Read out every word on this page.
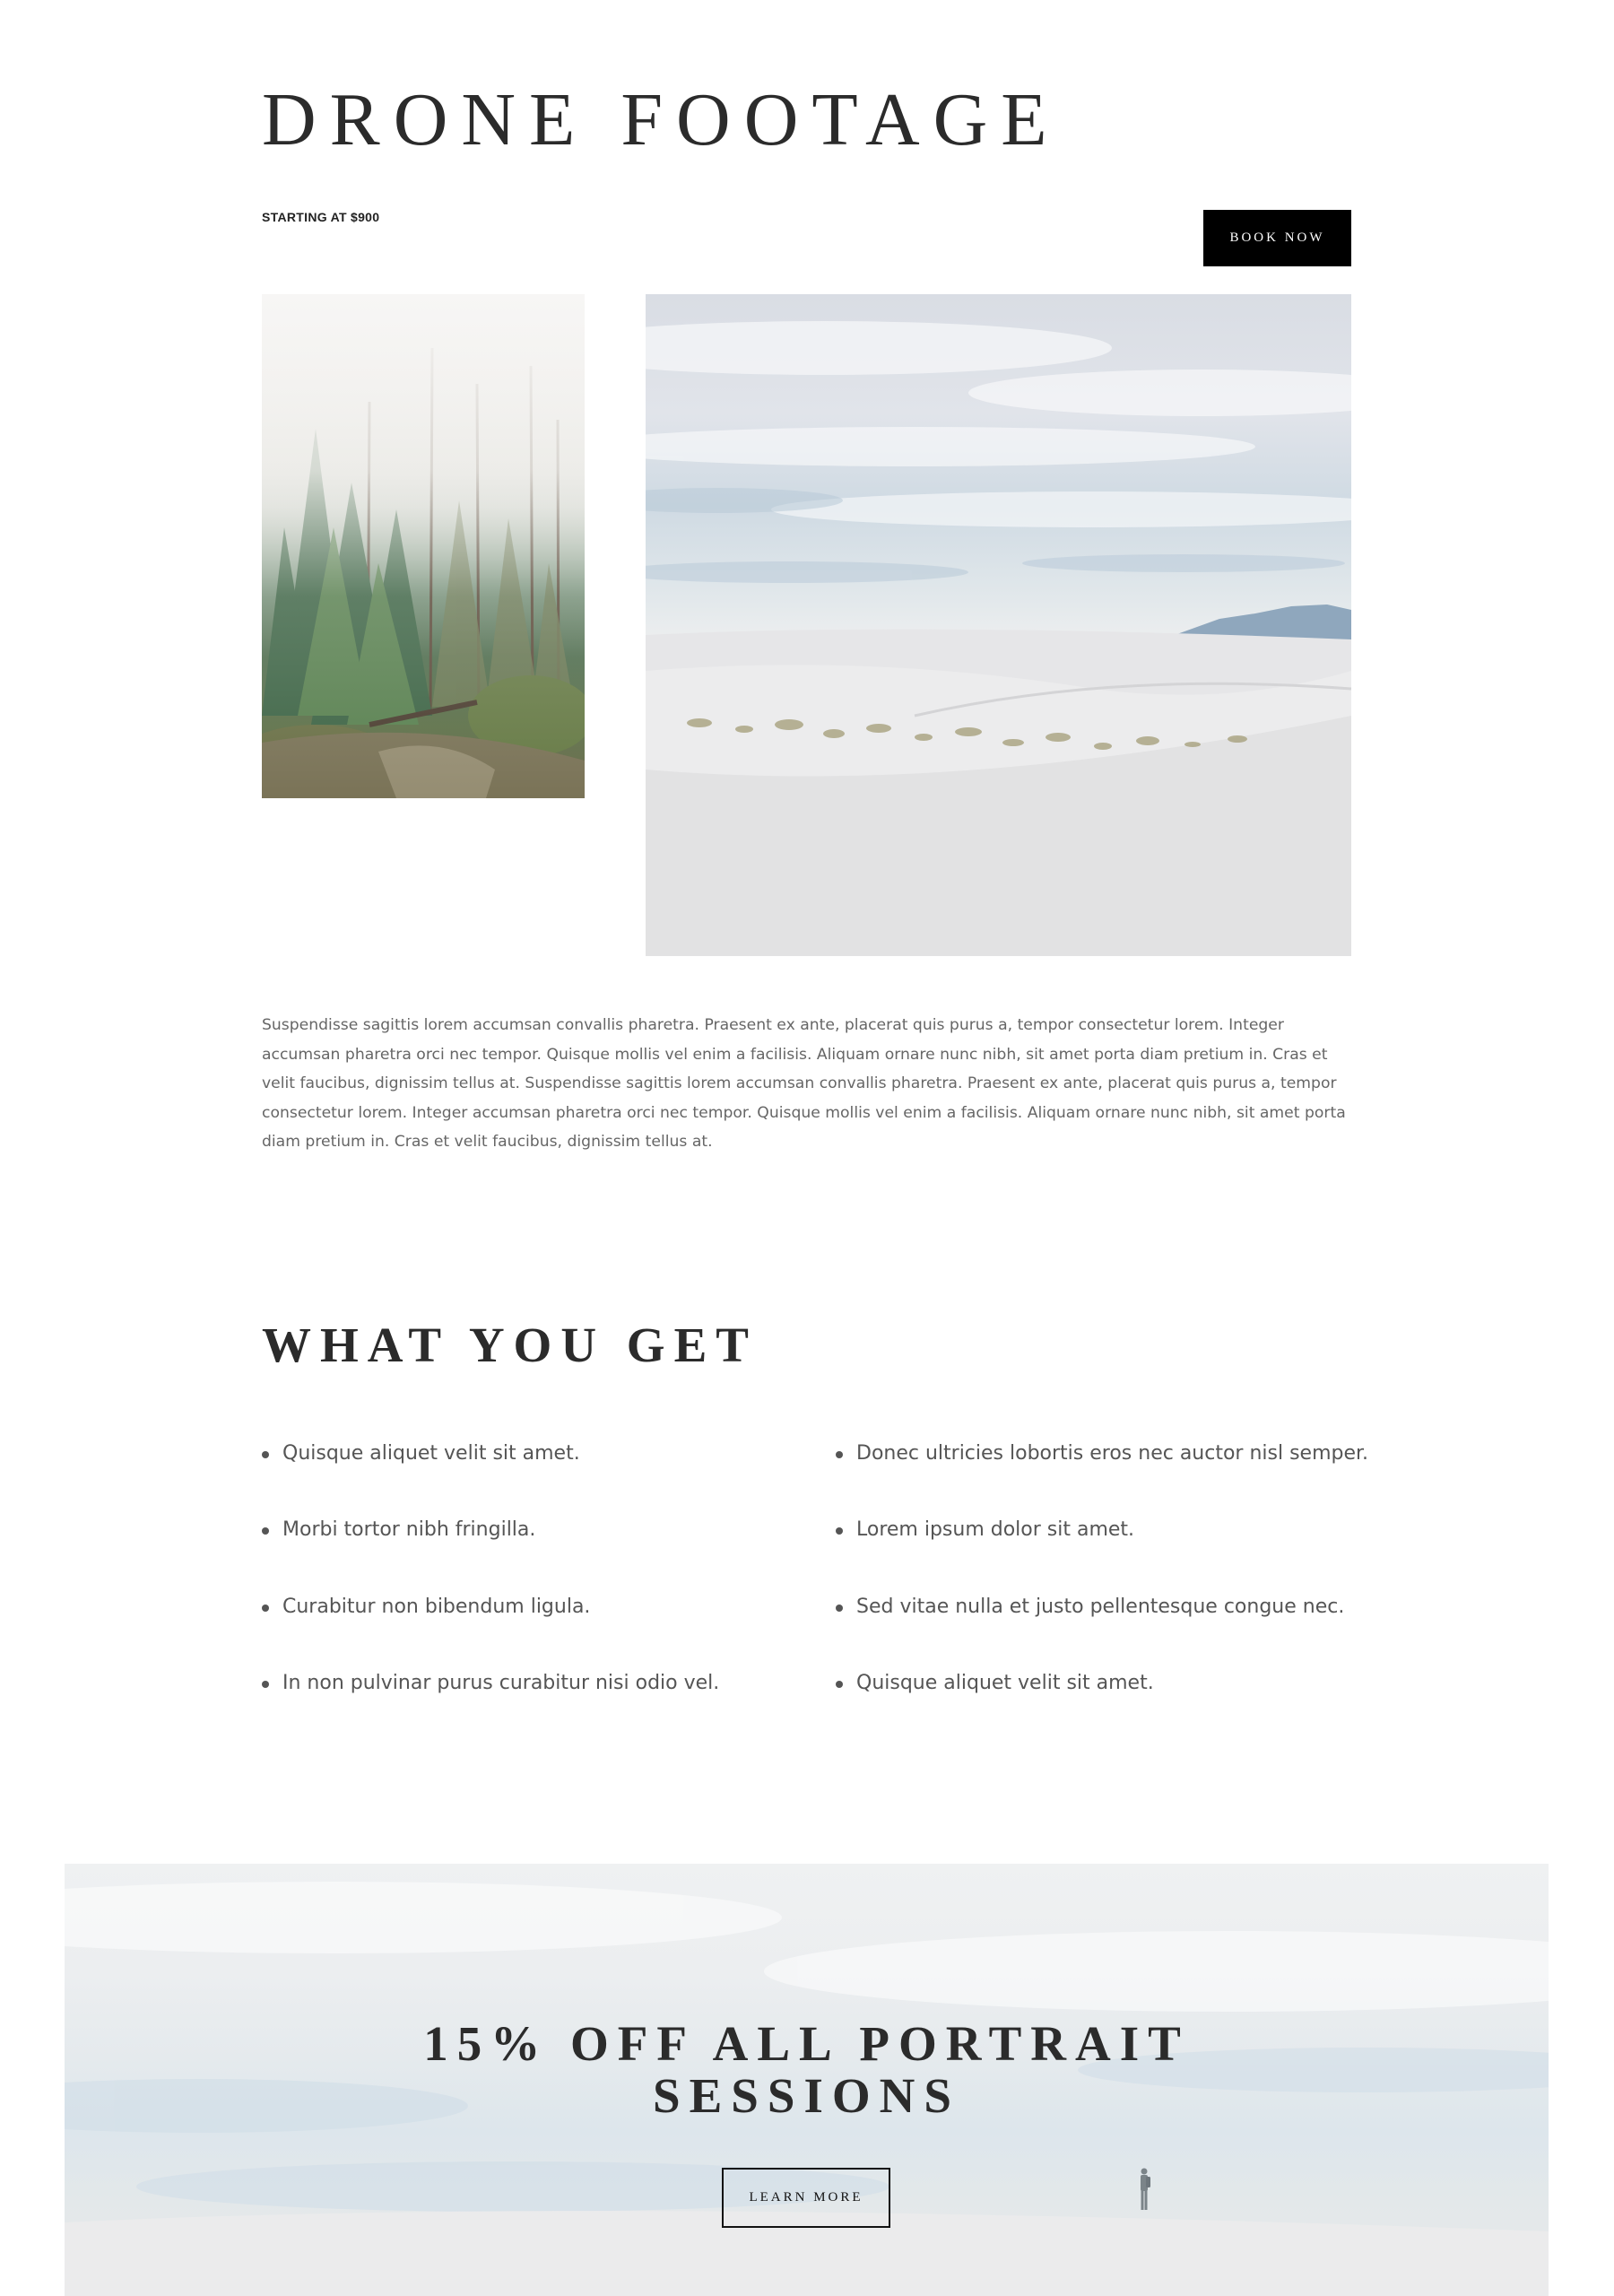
DRONE FOOTAGE
STARTING AT $900
BOOK NOW

Suspendisse sagittis lorem accumsan convallis pharetra. Praesent ex ante, placerat quis purus a, tempor consectetur lorem. Integer accumsan pharetra orci nec tempor. Quisque mollis vel enim a facilisis. Aliquam ornare nunc nibh, sit amet porta diam pretium in. Cras et velit faucibus, dignissim tellus at. Suspendisse sagittis lorem accumsan convallis pharetra. Praesent ex ante, placerat quis purus a, tempor consectetur lorem. Integer accumsan pharetra orci nec tempor. Quisque mollis vel enim a facilisis. Aliquam ornare nunc nibh, sit amet porta diam pretium in. Cras et velit faucibus, dignissim tellus at.

WHAT YOU GET
Quisque aliquet velit sit amet.
Morbi tortor nibh fringilla.
Curabitur non bibendum ligula.
In non pulvinar purus curabitur nisi odio vel.
Donec ultricies lobortis eros nec auctor nisl semper.
Lorem ipsum dolor sit amet.
Sed vitae nulla et justo pellentesque congue nec.
Quisque aliquet velit sit amet.
15% OFF ALL PORTRAIT
SESSIONS
LEARN MORE
